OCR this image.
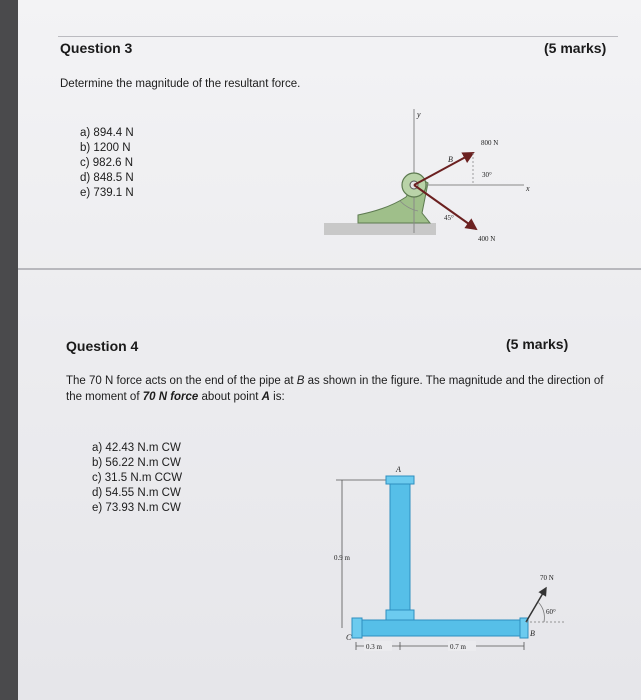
Question 3	(5 marks)
Determine the magnitude of the resultant force.
a) 894.4 N
b) 1200 N
c) 982.6 N
d) 848.5 N
e) 739.1 N
y
x
B
800 N
30°
45°
400 N
Question 4	(5 marks)
The 70 N force acts on the end of the pipe at B as shown in the figure. The magnitude and the direction of the moment of 70 N force about point A is:
a) 42.43 N.m CW
b) 56.22 N.m CW
c) 31.5 N.m CCW
d) 54.55 N.m CW
e) 73.93 N.m CW
0.9 m
A
C	B
70 N
60°
0.3 m	0.7 m
